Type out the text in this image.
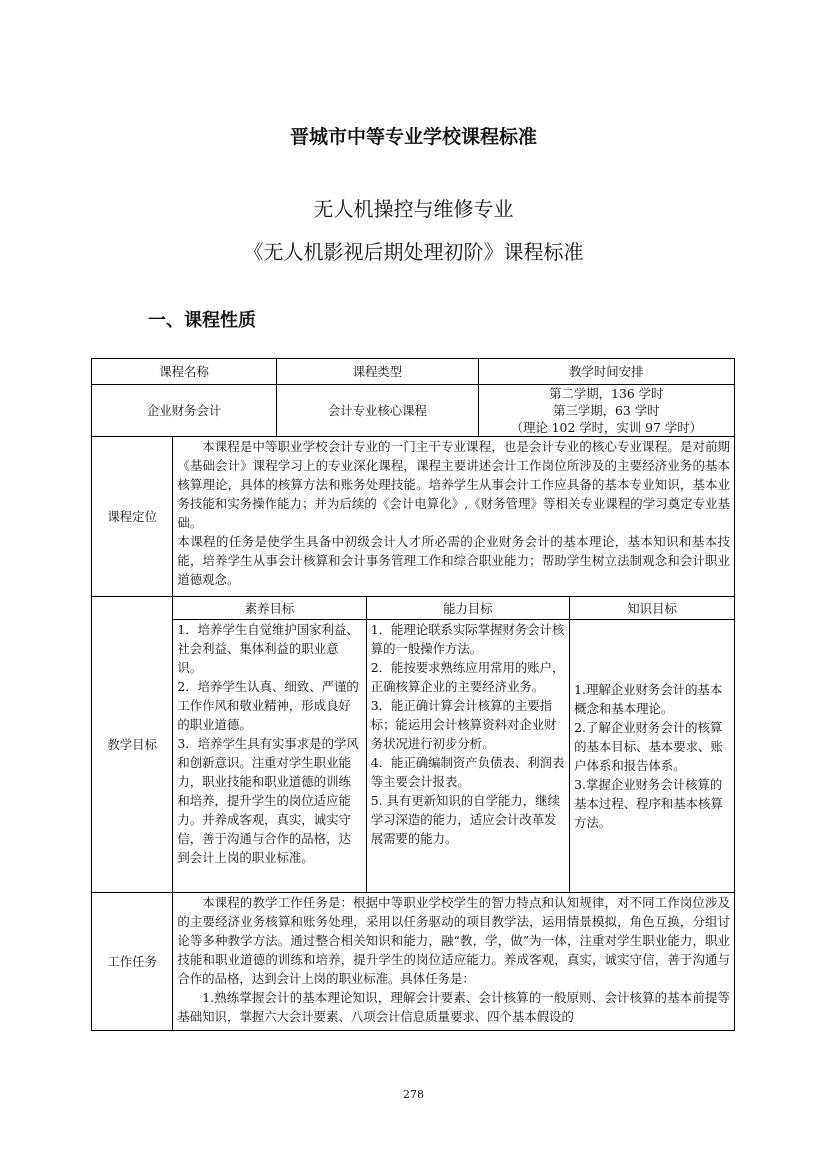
晋城市中等专业学校课程标准
无人机操控与维修专业
《无人机影视后期处理初阶》课程标准
一、课程性质
课程名称		课程类型		教学时间安排	
企业财务会计		会计专业核心课程		第二学期，136 学时
第三学期，63 学时
（理论 102 学时，实训 97 学时）	

课程定位	本课程是中等职业学校会计专业的一门主干专业课程，也是会计专业的核心专业课程。是对前期《基础会计》课程学习上的专业深化课程，课程主要讲述会计工作岗位所涉及的主要经济业务的基本核算理论，具体的核算方法和账务处理技能。培养学生从事会计工作应具备的基本专业知识，基本业务技能和实务操作能力；并为后续的《会计电算化》,《财务管理》等相关专业课程的学习奠定专业基础。
本课程的任务是使学生具备中初级会计人才所必需的企业财务会计的基本理论，基本知识和基本技能，培养学生从事会计核算和会计事务管理工作和综合职业能力；帮助学生树立法制观念和会计职业道德观念。				

教学目标	素养目标		能力目标		知识目标
	1．培养学生自觉维护国家利益、社会利益、集体利益的职业意识。
2．培养学生认真、细致、严谨的工作作风和敬业精神，形成良好的职业道德。
3．培养学生具有实事求是的学风和创新意识。注重对学生职业能力，职业技能和职业道德的训练和培养，提升学生的岗位适应能力。并养成客观，真实，诚实守信，善于沟通与合作的品格，达到会计上岗的职业标准。		1．能理论联系实际掌握财务会计核算的一般操作方法。
2．能按要求熟练应用常用的账户，正确核算企业的主要经济业务。
3．能正确计算会计核算的主要指标；能运用会计核算资料对企业财务状况进行初步分析。
4．能正确编制资产负债表、利润表等主要会计报表。
5. 具有更新知识的自学能力，继续学习深造的能力，适应会计改革发展需要的能力。		1.理解企业财务会计的基本概念和基本理论。
2.了解企业财务会计的核算的基本目标、基本要求、账户体系和报告体系。
3.掌握企业财务会计核算的基本过程、程序和基本核算方法。
工作任务	本课程的教学工作任务是：根据中等职业学校学生的智力特点和认知规律，对不同工作岗位涉及的主要经济业务核算和账务处理，采用以任务驱动的项目教学法，运用情景模拟，角色互换，分组讨论等多种教学方法。通过整合相关知识和能力，融“教，学，做”为一体，注重对学生职业能力，职业技能和职业道德的训练和培养，提升学生的岗位适应能力。养成客观，真实，诚实守信，善于沟通与合作的品格，达到会计上岗的职业标准。具体任务是：
1.熟练掌握会计的基本理论知识，理解会计要素、会计核算的一般原则、会计核算的基本前提等基础知识，掌握六大会计要素、八项会计信息质量要求、四个基本假设的				
278
